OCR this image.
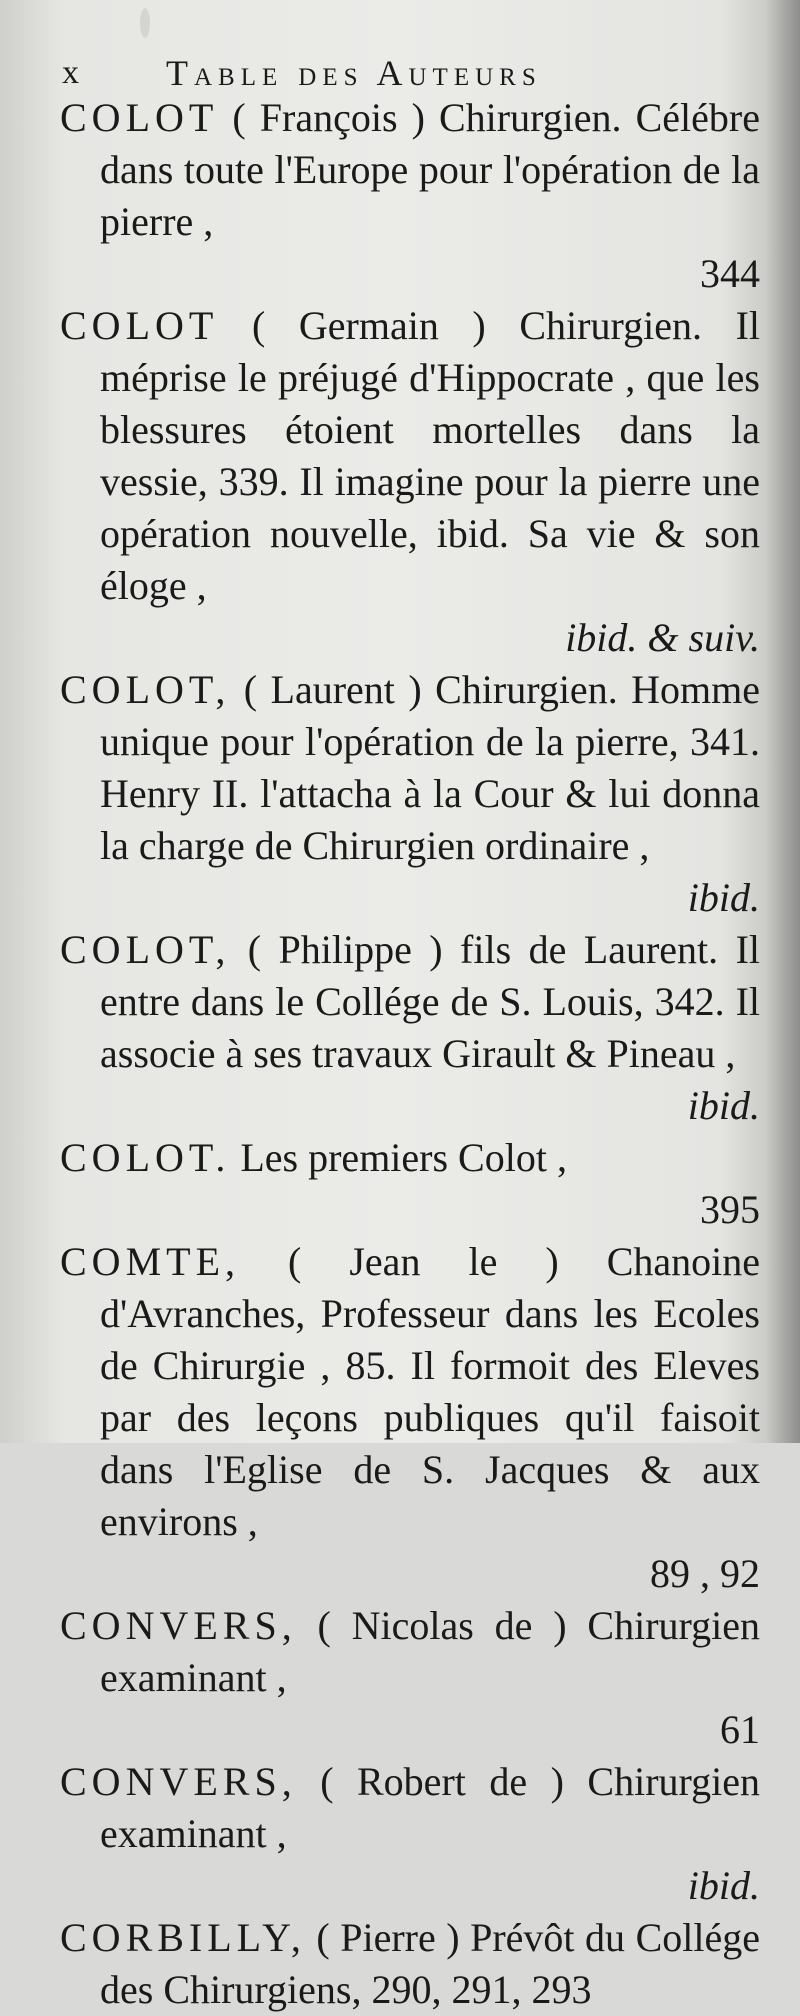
x Table des Auteurs

COLOT ( François ) Chirurgien. Célébre dans toute l'Europe pour l'opération de la pierre ,
344

COLOT ( Germain ) Chirurgien. Il méprise le préjugé d'Hippocrate , que les blessures étoient mortelles dans la vessie, 339. Il imagine pour la pierre une opération nouvelle, ibid. Sa vie & son éloge ,
ibid. & suiv.

COLOT, ( Laurent ) Chirurgien. Homme unique pour l'opération de la pierre, 341. Henry II. l'attacha à la Cour & lui donna la charge de Chirurgien ordinaire ,
ibid.

COLOT, ( Philippe ) fils de Laurent. Il entre dans le Collége de S. Louis, 342. Il associe à ses travaux Girault & Pineau ,
ibid.

COLOT. Les premiers Colot ,
395

COMTE, ( Jean le ) Chanoine d'Avranches, Professeur dans les Ecoles de Chirurgie , 85. Il formoit des Eleves par des leçons publiques qu'il faisoit dans l'Eglise de S. Jacques & aux environs ,
89 , 92

CONVERS, ( Nicolas de ) Chirurgien examinant ,
61

CONVERS, ( Robert de ) Chirurgien examinant ,
ibid.

CORBILLY, ( Pierre ) Prévôt du Collége des Chirurgiens, 290, 291, 293
